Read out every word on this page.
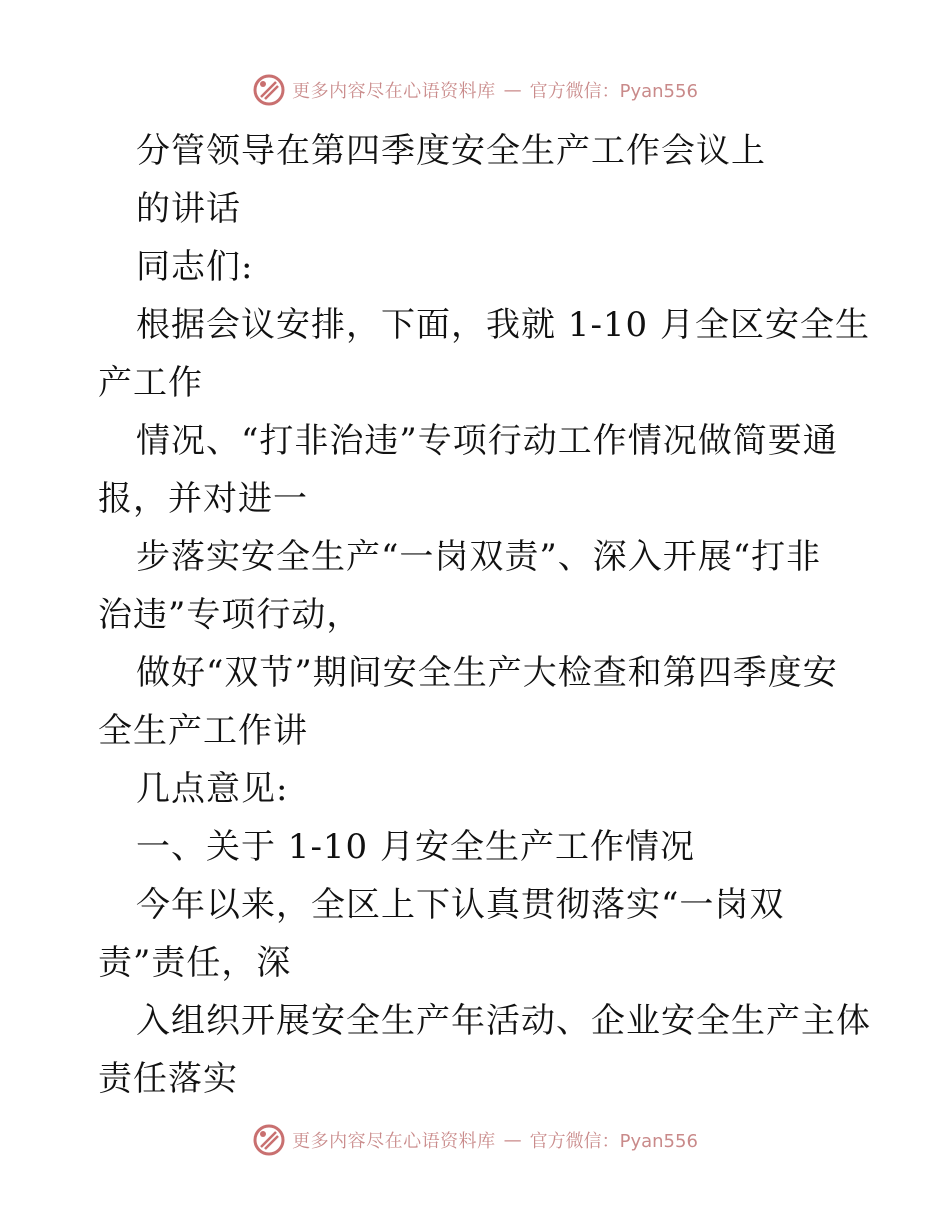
更多内容尽在心语资料库 — 官方微信：Pyan556
分管领导在第四季度安全生产工作会议上
的讲话
同志们:
根据会议安排，下面，我就 1-10 月全区安全生
产工作
情况、“打非治违”专项行动工作情况做简要通
报，并对进一
步落实安全生产“一岗双责”、深入开展“打非
治违”专项行动，
做好“双节”期间安全生产大检查和第四季度安
全生产工作讲
几点意见:
一、关于 1-10 月安全生产工作情况
今年以来，全区上下认真贯彻落实“一岗双
责”责任，深
入组织开展安全生产年活动、企业安全生产主体
责任落实
更多内容尽在心语资料库 — 官方微信：Pyan556
